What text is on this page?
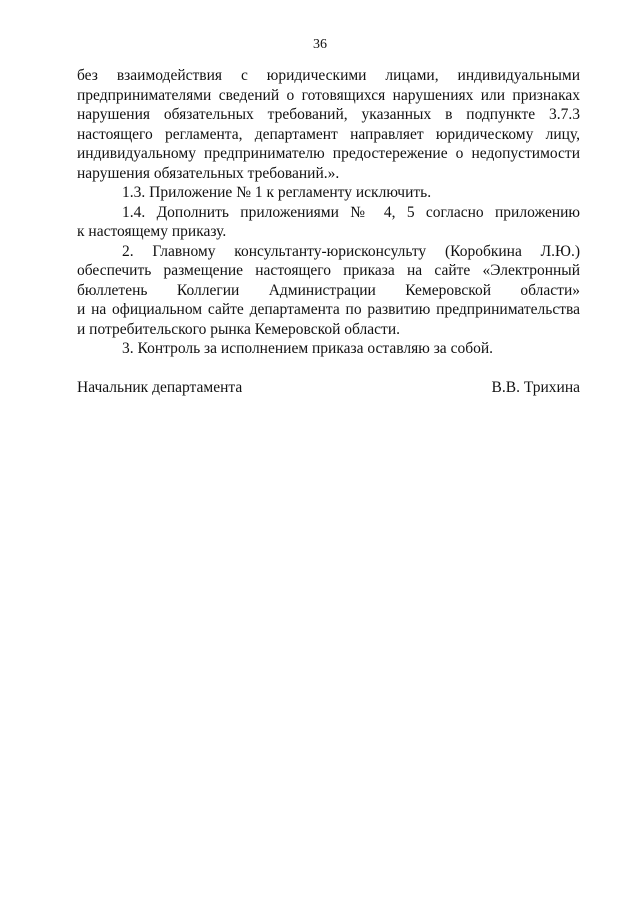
36
без взаимодействия с юридическими лицами, индивидуальными
предпринимателями сведений о готовящихся нарушениях или признаках
нарушения обязательных требований, указанных в подпункте 3.7.3
настоящего регламента, департамент направляет юридическому лицу,
индивидуальному предпринимателю предостережение о недопустимости
нарушения обязательных требований.».
1.3. Приложение № 1 к регламенту исключить.
1.4. Дополнить приложениями № 4, 5 согласно приложению
к настоящему приказу.
2. Главному консультанту-юрисконсульту (Коробкина Л.Ю.)
обеспечить размещение настоящего приказа на сайте «Электронный
бюллетень Коллегии Администрации Кемеровской области»
и на официальном сайте департамента по развитию предпринимательства
и потребительского рынка Кемеровской области.
3. Контроль за исполнением приказа оставляю за собой.
Начальник департамента	В.В. Трихина
